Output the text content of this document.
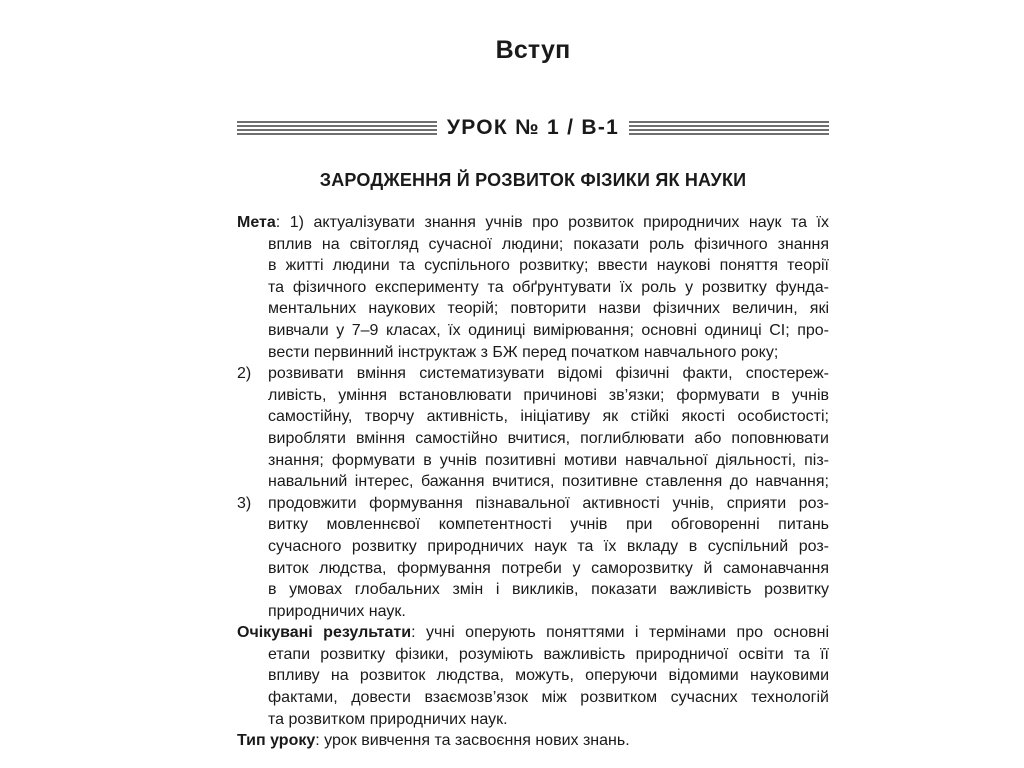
Вступ
УРОК № 1 / В-1
ЗАРОДЖЕННЯ Й РОЗВИТОК ФІЗИКИ ЯК НАУКИ
Мета: 1) актуалізувати знання учнів про розвиток природничих наук та їх
вплив на світогляд сучасної людини; показати роль фізичного знання
в житті людини та суспільного розвитку; ввести наукові поняття теорії
та фізичного експерименту та обґрунтувати їх роль у розвитку фунда-
ментальних наукових теорій; повторити назви фізичних величин, які
вивчали у 7–9 класах, їх одиниці вимірювання; основні одиниці СІ; про-
вести первинний інструктаж з БЖ перед початком навчального року;
2)	розвивати вміння систематизувати відомі фізичні факти, спостереж-
ливість, уміння встановлювати причинові зв’язки; формувати в учнів
самостійну, творчу активність, ініціативу як стійкі якості особистості;
виробляти вміння самостійно вчитися, поглиблювати або поповнювати
знання; формувати в учнів позитивні мотиви навчальної діяльності, піз-
навальний інтерес, бажання вчитися, позитивне ставлення до навчання;
3)	продовжити формування пізнавальної активності учнів, сприяти роз-
витку мовленнєвої компетентності учнів при обговоренні питань
сучасного розвитку природничих наук та їх вкладу в суспільний роз-
виток людства, формування потреби у саморозвитку й самонавчання
в умовах глобальних змін і викликів, показати важливість розвитку
природничих наук.
Очікувані результати: учні оперують поняттями і термінами про основні
етапи розвитку фізики, розуміють важливість природничої освіти та її
впливу на розвиток людства, можуть, оперуючи відомими науковими
фактами, довести взаємозв’язок між розвитком сучасних технологій
та розвитком природничих наук.
Тип уроку: урок вивчення та засвоєння нових знань.
